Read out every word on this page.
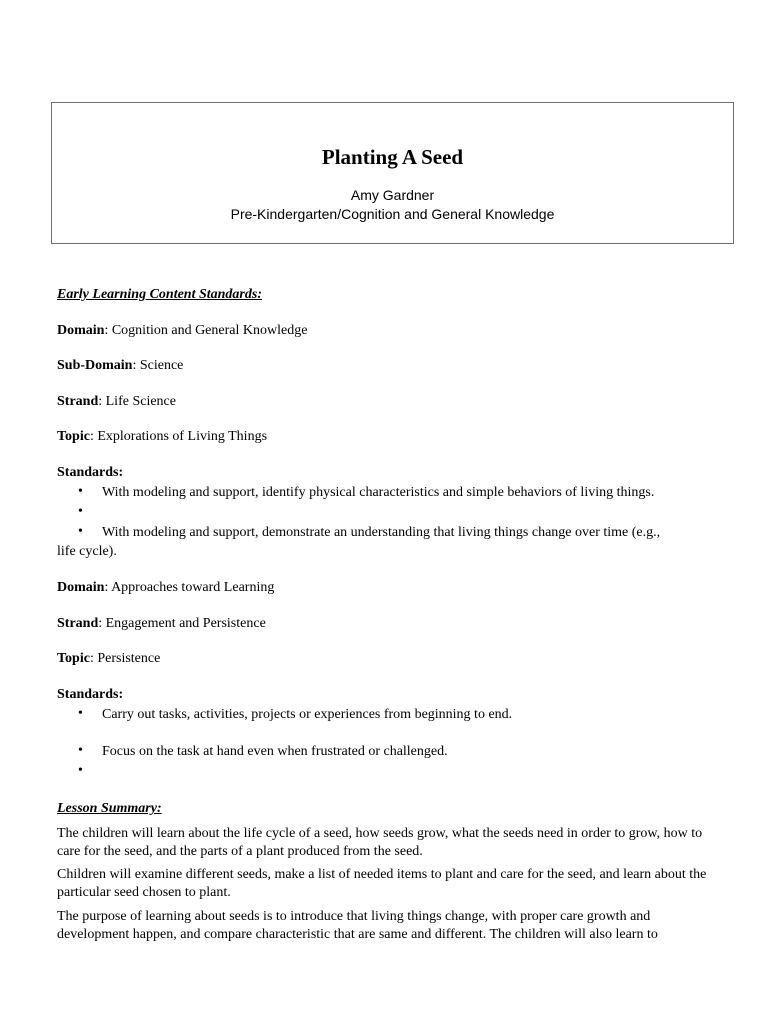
Planting A Seed
Amy Gardner
Pre-Kindergarten/Cognition and General Knowledge
Early Learning Content Standards:
Domain: Cognition and General Knowledge
Sub-Domain: Science
Strand: Life Science
Topic: Explorations of Living Things
Standards:
• With modeling and support, identify physical characteristics and simple behaviors of living things.
•
• With modeling and support, demonstrate an understanding that living things change over time (e.g.,
life cycle).
Domain: Approaches toward Learning
Strand: Engagement and Persistence
Topic: Persistence
Standards:
• Carry out tasks, activities, projects or experiences from beginning to end.
• Focus on the task at hand even when frustrated or challenged.
•
Lesson Summary:
The children will learn about the life cycle of a seed, how seeds grow, what the seeds need in order to grow, how to care for the seed, and the parts of a plant produced from the seed.
Children will examine different seeds, make a list of needed items to plant and care for the seed, and learn about the particular seed chosen to plant.
The purpose of learning about seeds is to introduce that living things change, with proper care growth and development happen, and compare characteristic that are same and different. The children will also learn to
